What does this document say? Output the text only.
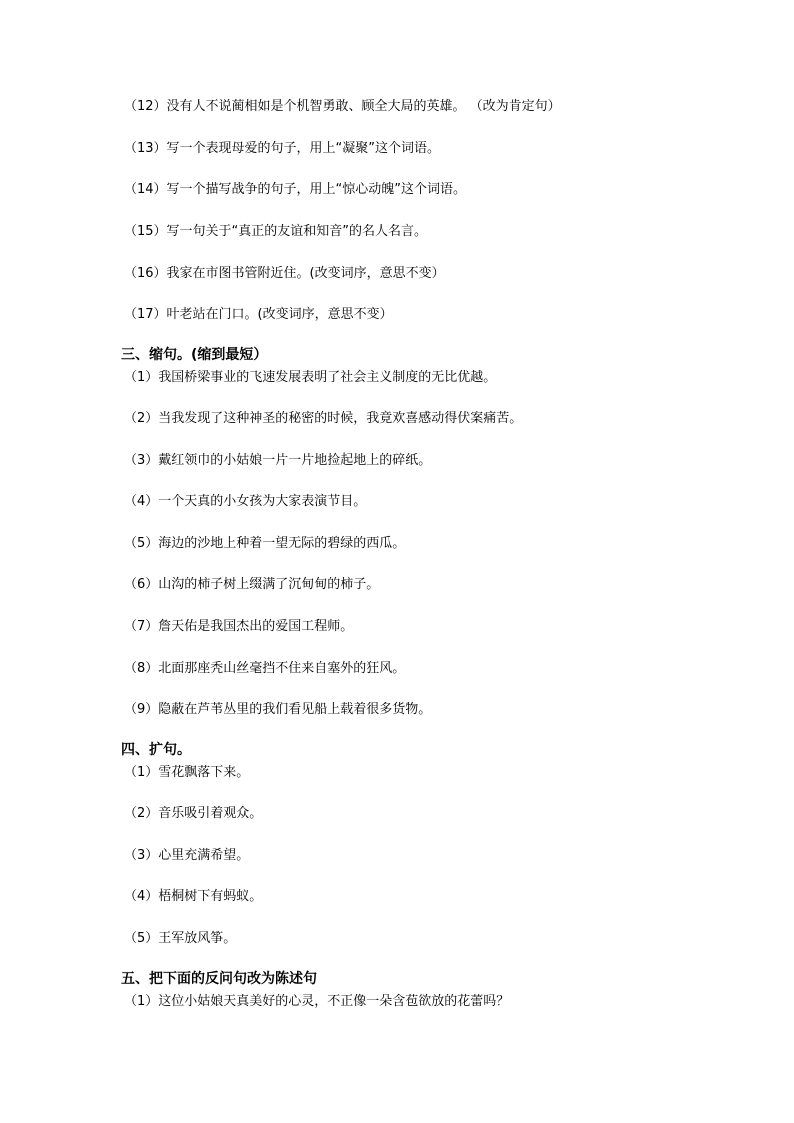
（12）没有人不说蔺相如是个机智勇敢、顾全大局的英雄。 （改为肯定句）
（13）写一个表现母爱的句子，用上“凝聚”这个词语。
（14）写一个描写战争的句子，用上“惊心动魄”这个词语。
（15）写一句关于“真正的友谊和知音”的名人名言。
（16）我家在市图书管附近住。(改变词序，意思不变）
（17）叶老站在门口。(改变词序，意思不变）
三、缩句。(缩到最短）
（1）我国桥梁事业的飞速发展表明了社会主义制度的无比优越。
（2）当我发现了这种神圣的秘密的时候，我竟欢喜感动得伏案痛苦。
（3）戴红领巾的小姑娘一片一片地捡起地上的碎纸。
（4）一个天真的小女孩为大家表演节目。
（5）海边的沙地上种着一望无际的碧绿的西瓜。
（6）山沟的柿子树上缀满了沉甸甸的柿子。
（7）詹天佑是我国杰出的爱国工程师。
（8）北面那座秃山丝毫挡不住来自塞外的狂风。
（9）隐蔽在芦苇丛里的我们看见船上载着很多货物。
四、扩句。
（1）雪花飘落下来。
（2）音乐吸引着观众。
（3）心里充满希望。
（4）梧桐树下有蚂蚁。
（5）王军放风筝。
五、把下面的反问句改为陈述句
（1）这位小姑娘天真美好的心灵，不正像一朵含苞欲放的花蕾吗？
